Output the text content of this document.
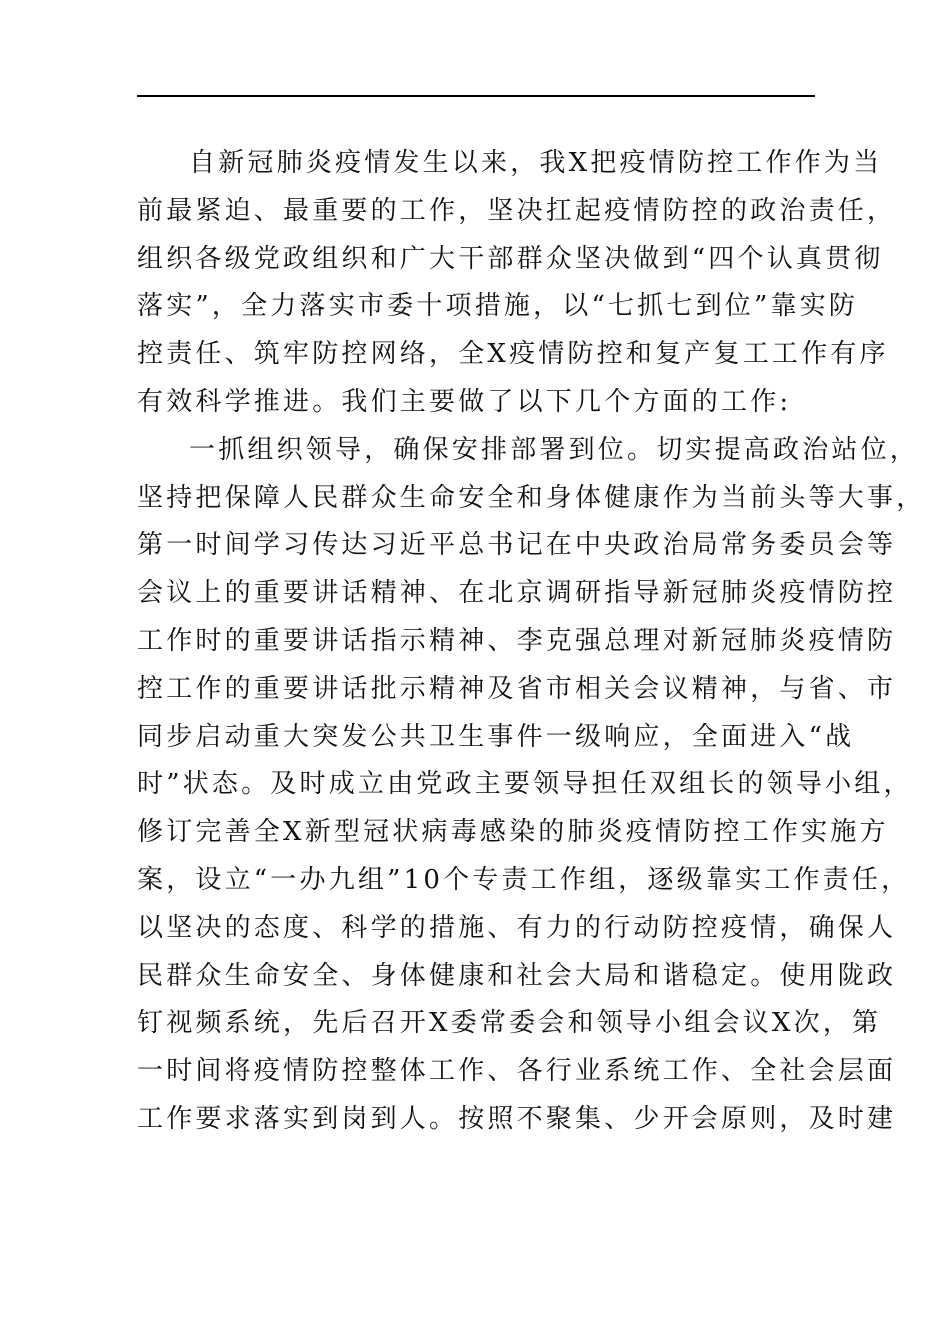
自新冠肺炎疫情发生以来，我X把疫情防控工作作为当
前最紧迫、最重要的工作，坚决扛起疫情防控的政治责任，
组织各级党政组织和广大干部群众坚决做到“四个认真贯彻
落实”，全力落实市委十项措施，以“七抓七到位”靠实防
控责任、筑牢防控网络，全X疫情防控和复产复工工作有序
有效科学推进。我们主要做了以下几个方面的工作:
一抓组织领导，确保安排部署到位。切实提高政治站位，
坚持把保障人民群众生命安全和身体健康作为当前头等大事，
第一时间学习传达习近平总书记在中央政治局常务委员会等
会议上的重要讲话精神、在北京调研指导新冠肺炎疫情防控
工作时的重要讲话指示精神、李克强总理对新冠肺炎疫情防
控工作的重要讲话批示精神及省市相关会议精神，与省、市
同步启动重大突发公共卫生事件一级响应，全面进入“战
时”状态。及时成立由党政主要领导担任双组长的领导小组，
修订完善全X新型冠状病毒感染的肺炎疫情防控工作实施方
案，设立“一办九组”10个专责工作组，逐级靠实工作责任，
以坚决的态度、科学的措施、有力的行动防控疫情，确保人
民群众生命安全、身体健康和社会大局和谐稳定。使用陇政
钉视频系统，先后召开X委常委会和领导小组会议X次，第
一时间将疫情防控整体工作、各行业系统工作、全社会层面
工作要求落实到岗到人。按照不聚集、少开会原则，及时建
